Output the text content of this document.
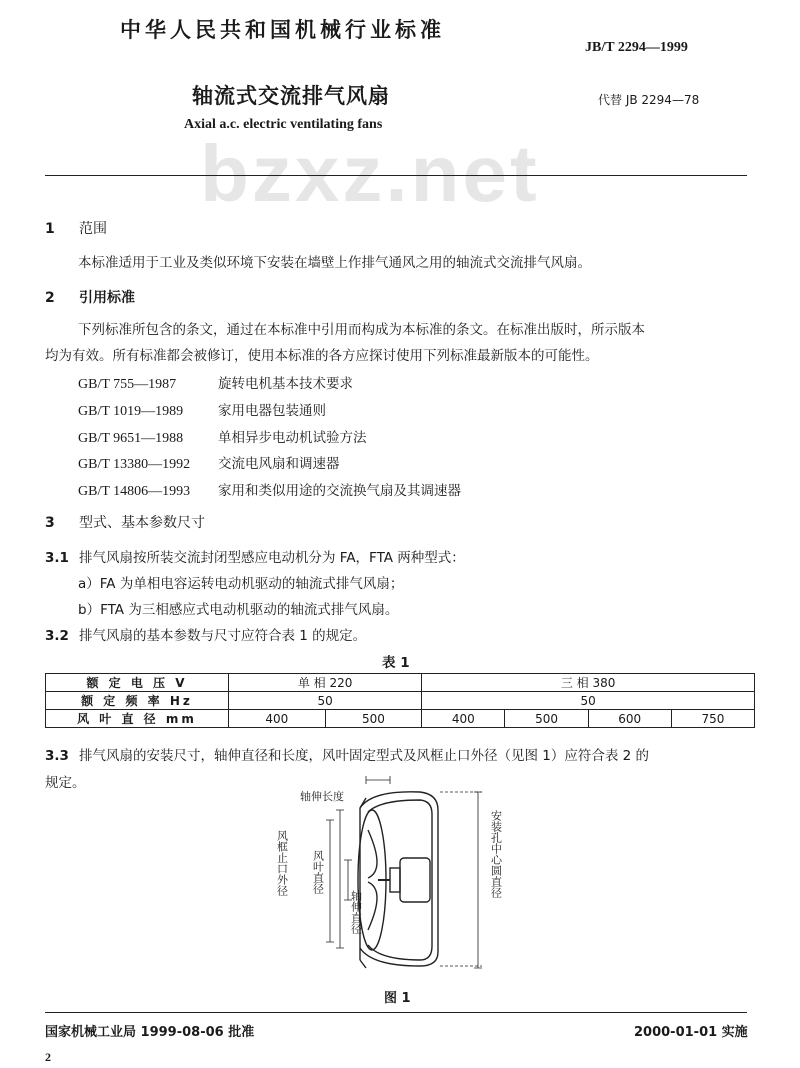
中华人民共和国机械行业标准
JB/T 2294—1999
bzxz.net
轴流式交流排气风扇	代替 JB 2294—78
Axial a.c. electric ventilating fans
1 范围
本标准适用于工业及类似环境下安装在墙壁上作排气通风之用的轴流式交流排气风扇。
2 引用标准
下列标准所包含的条文，通过在本标准中引用而构成为本标准的条文。在标准出版时，所示版本
均为有效。所有标准都会被修订，使用本标准的各方应探讨使用下列标准最新版本的可能性。
GB/T 755—1987	旋转电机基本技术要求
GB/T 1019—1989	家用电器包装通则
GB/T 9651—1988	单相异步电动机试验方法
GB/T 13380—1992 交流电风扇和调速器
GB/T 14806—1993 家用和类似用途的交流换气扇及其调速器
3 型式、基本参数尺寸
3.1 排气风扇按所装交流封闭型感应电动机分为 FA，FTA 两种型式：
a）FA 为单相电容运转电动机驱动的轴流式排气风扇；
b）FTA 为三相感应式电动机驱动的轴流式排气风扇。
3.2 排气风扇的基本参数与尺寸应符合表 1 的规定。
表 1
额 定 电 压 V	单 相 220		三 相 380			
额 定 频 率 Hz	50		50			
风 叶 直 径 mm	400	500	400	500	600	750
3.3 排气风扇的安装尺寸，轴伸直径和长度，风叶固定型式及风框止口外径（见图 1）应符合表 2 的
规定。
轴伸长度
轴伸直径
风叶直径
风框止口外径	安装孔中心圆直径
图 1
国家机械工业局 1999-08-06 批准	2000-01-01 实施
2
